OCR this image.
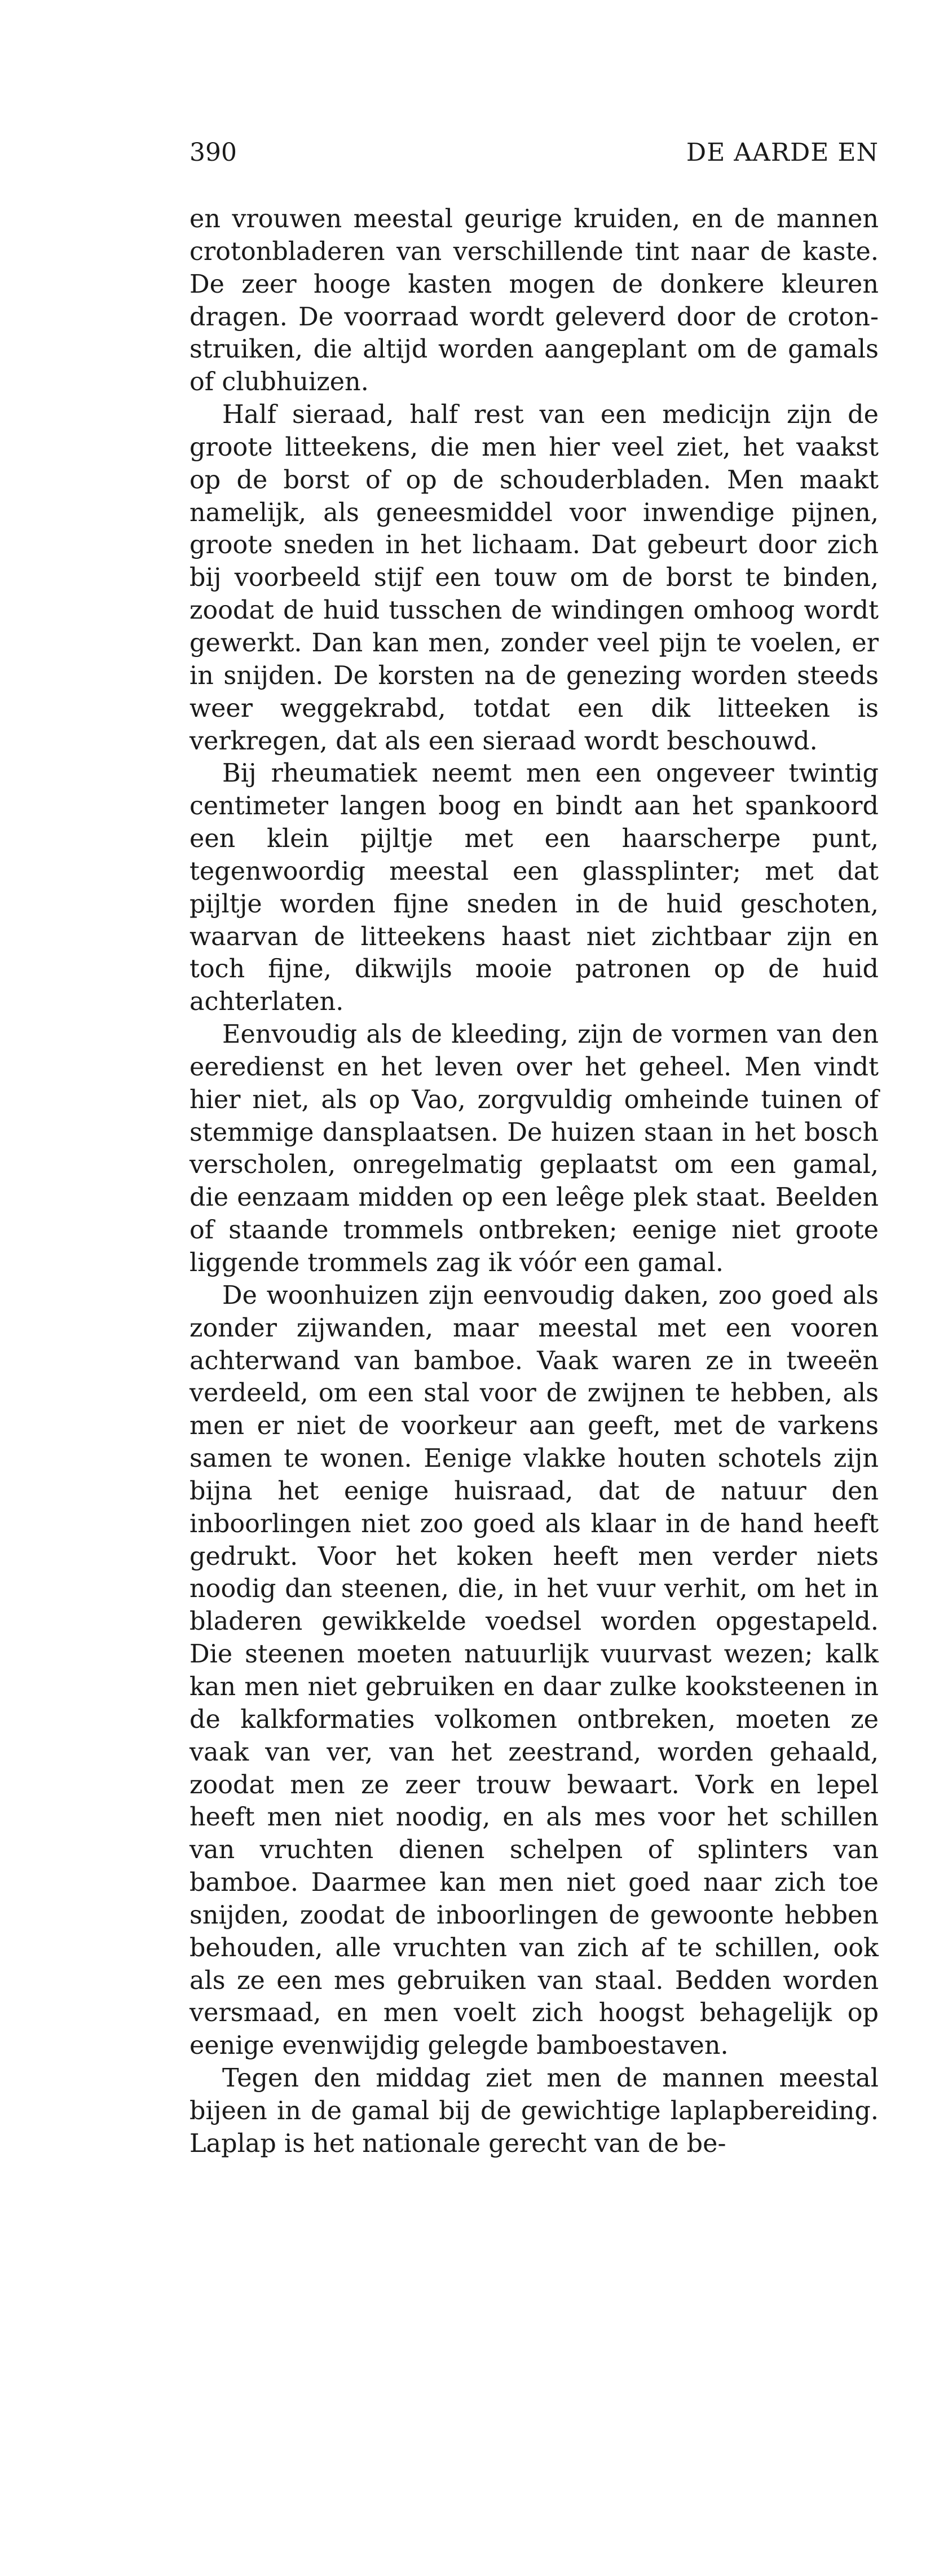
390	DE AARDE EN

en vrouwen meestal geurige kruiden, en de mannen crotonbladeren van verschillende tint naar de kaste. De zeer hooge kasten mogen de donkere kleuren dragen. De voorraad wordt geleverd door de crotonstruiken, die altijd worden aangeplant om de gamals of clubhuizen.

Half sieraad, half rest van een medicijn zijn de groote litteekens, die men hier veel ziet, het vaakst op de borst of op de schouderbladen. Men maakt namelijk, als geneesmiddel voor inwendige pijnen, groote sneden in het lichaam. Dat gebeurt door zich bij voorbeeld stijf een touw om de borst te binden, zoodat de huid tusschen de windingen omhoog wordt gewerkt. Dan kan men, zonder veel pijn te voelen, er in snijden. De korsten na de genezing worden steeds weer weggekrabd, totdat een dik litteeken is verkregen, dat als een sieraad wordt beschouwd.

Bij rheumatiek neemt men een ongeveer twintig centimeter langen boog en bindt aan het spankoord een klein pijltje met een haarscherpe punt, tegenwoordig meestal een glassplinter; met dat pijltje worden fijne sneden in de huid geschoten, waarvan de litteekens haast niet zichtbaar zijn en toch fijne, dikwijls mooie patronen op de huid achterlaten.

Eenvoudig als de kleeding, zijn de vormen van den eeredienst en het leven over het geheel. Men vindt hier niet, als op Vao, zorgvuldig omheinde tuinen of stemmige dansplaatsen. De huizen staan in het bosch verscholen, onregelmatig geplaatst om een gamal, die eenzaam midden op een leêge plek staat. Beelden of staande trommels ontbreken; eenige niet groote liggende trommels zag ik vóór een gamal.

De woonhuizen zijn eenvoudig daken, zoo goed als zonder zijwanden, maar meestal met een vooren achterwand van bamboe. Vaak waren ze in tweeën verdeeld, om een stal voor de zwijnen te hebben, als men er niet de voorkeur aan geeft, met de varkens samen te wonen. Eenige vlakke houten schotels zijn bijna het eenige huisraad, dat de natuur den inboorlingen niet zoo goed als klaar in de hand heeft gedrukt. Voor het koken heeft men verder niets noodig dan steenen, die, in het vuur verhit, om het in bladeren gewikkelde voedsel worden opgestapeld. Die steenen moeten natuurlijk vuurvast wezen; kalk kan men niet gebruiken en daar zulke kooksteenen in de kalkformaties volkomen ontbreken, moeten ze vaak van ver, van het zeestrand, worden gehaald, zoodat men ze zeer trouw bewaart. Vork en lepel heeft men niet noodig, en als mes voor het schillen van vruchten dienen schelpen of splinters van bamboe. Daarmee kan men niet goed naar zich toe snijden, zoodat de inboorlingen de gewoonte hebben behouden, alle vruchten van zich af te schillen, ook als ze een mes gebruiken van staal. Bedden worden versmaad, en men voelt zich hoogst behagelijk op eenige evenwijdig gelegde bamboestaven.

Tegen den middag ziet men de mannen meestal bijeen in de gamal bij de gewichtige laplapbereiding. Laplap is het nationale gerecht van de be-
